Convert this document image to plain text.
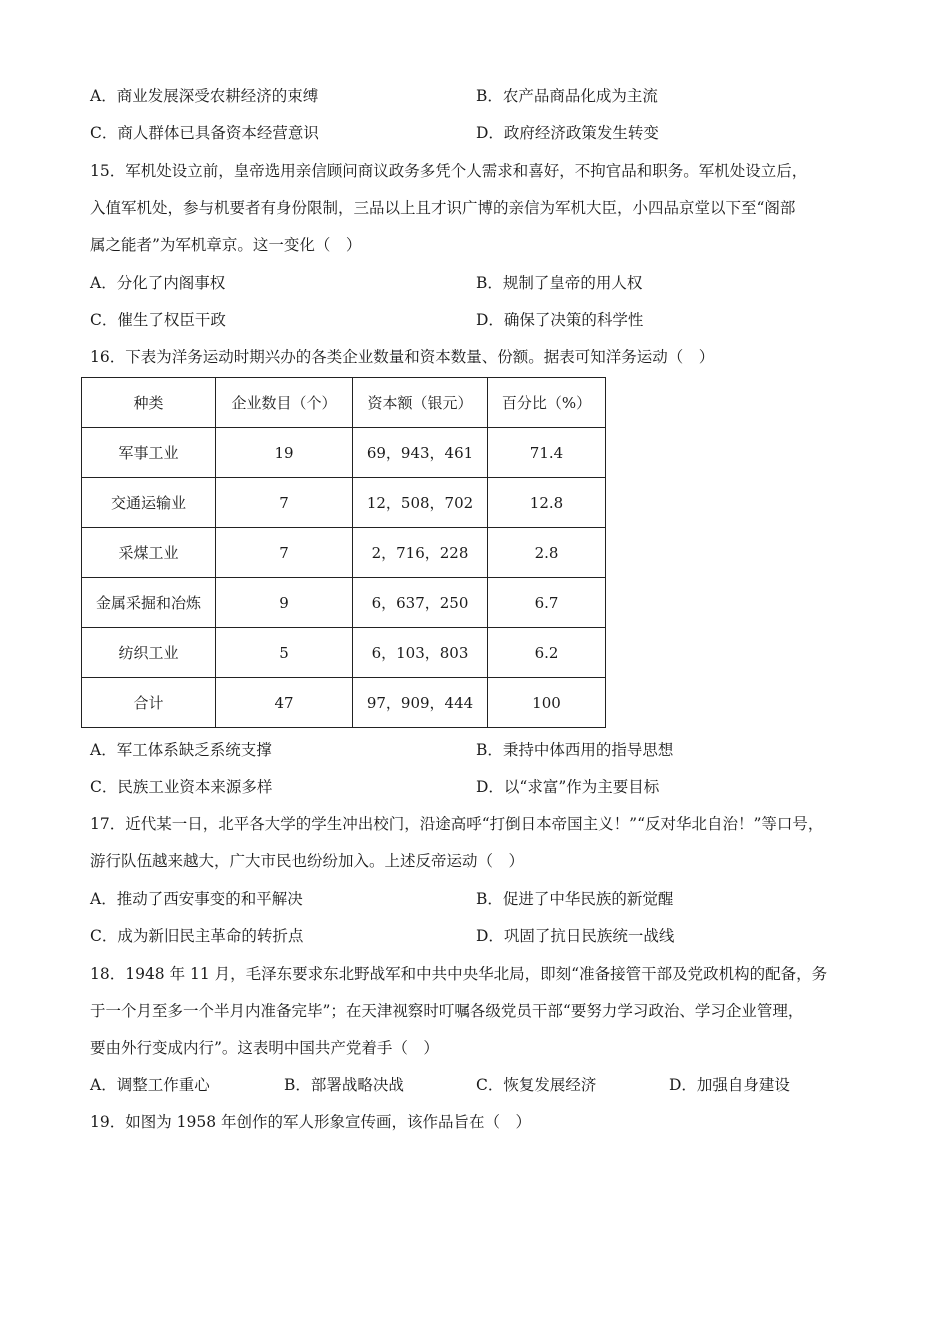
A．商业发展深受农耕经济的束缚	B．农产品商品化成为主流
C．商人群体已具备资本经营意识	D．政府经济政策发生转变
15．军机处设立前，皇帝选用亲信顾问商议政务多凭个人需求和喜好，不拘官品和职务。军机处设立后，
入值军机处，参与机要者有身份限制，三品以上且才识广博的亲信为军机大臣，小四品京堂以下至“阁部
属之能者”为军机章京。这一变化（　）
A．分化了内阁事权	B．规制了皇帝的用人权
C．催生了权臣干政	D．确保了决策的科学性
16．下表为洋务运动时期兴办的各类企业数量和资本数量、份额。据表可知洋务运动（　）
种类	企业数目（个）	资本额（银元）	百分比（%）
军事工业	19	69，943，461	71.4
交通运输业	7	12，508，702	12.8
采煤工业	7	2，716，228	2.8
金属采掘和冶炼	9	6，637，250	6.7
纺织工业	5	6，103，803	6.2
合计	47	97，909，444	100
A．军工体系缺乏系统支撑	B．秉持中体西用的指导思想
C．民族工业资本来源多样	D．以“求富”作为主要目标
17．近代某一日，北平各大学的学生冲出校门，沿途高呼“打倒日本帝国主义！”“反对华北自治！”等口号，
游行队伍越来越大，广大市民也纷纷加入。上述反帝运动（　）
A．推动了西安事变的和平解决	B．促进了中华民族的新觉醒
C．成为新旧民主革命的转折点	D．巩固了抗日民族统一战线
18．1948 年 11 月，毛泽东要求东北野战军和中共中央华北局，即刻“准备接管干部及党政机构的配备，务
于一个月至多一个半月内准备完毕”；在天津视察时叮嘱各级党员干部“要努力学习政治、学习企业管理，
要由外行变成内行”。这表明中国共产党着手（　）
A．调整工作重心	B．部署战略决战	C．恢复发展经济	D．加强自身建设
19．如图为 1958 年创作的军人形象宣传画，该作品旨在（　）
